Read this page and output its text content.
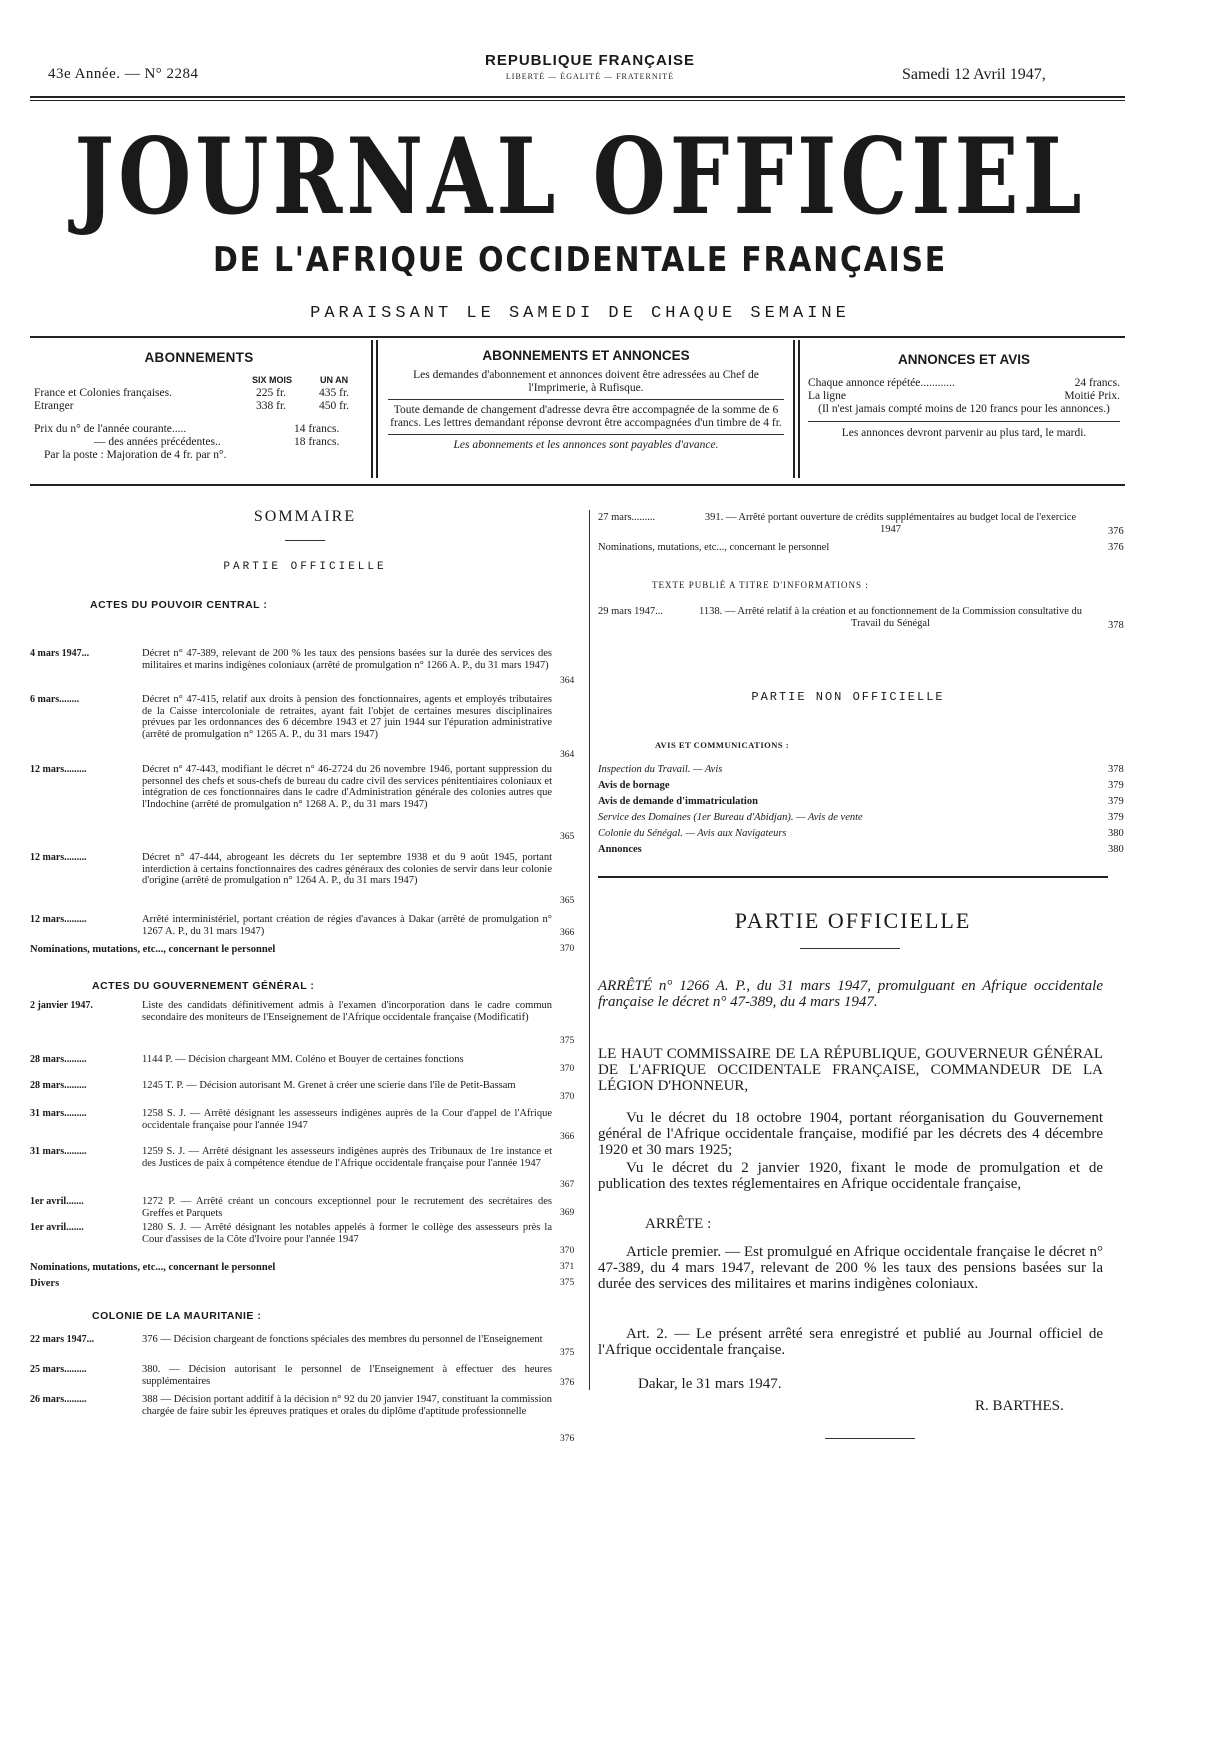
43e Année. — N° 2284
REPUBLIQUE FRANÇAISE
LIBERTÉ — ÉGALITÉ — FRATERNITÉ	Samedi 12 Avril 1947,
JOURNAL OFFICIEL
DE L'AFRIQUE OCCIDENTALE FRANÇAISE
PARAISSANT LE SAMEDI DE CHAQUE SEMAINE
ABONNEMENTS
SIX MOIS	UN AN
France et Colonies françaises.	225 fr.	435 fr.
Etranger	338 fr.	450 fr.
Prix du n° de l'année courante.....	14 francs.
— des années précédentes..	18 francs.
Par la poste : Majoration de 4 fr. par n°.
ABONNEMENTS ET ANNONCES
Les demandes d'abonnement et annonces doivent être adressées au Chef de l'Imprimerie, à Rufisque.
Toute demande de changement d'adresse devra être accompagnée de la somme de 6 francs. Les lettres demandant réponse devront être accompagnées d'un timbre de 4 fr.
Les abonnements et les annonces sont payables d'avance.
ANNONCES ET AVIS
Chaque annonce répétée............	24 francs.
La ligne	Moitié Prix.
(Il n'est jamais compté moins de 120 francs pour les annonces.)
Les annonces devront parvenir au plus tard, le mardi.
SOMMAIRE
PARTIE OFFICIELLE
ACTES DU POUVOIR CENTRAL :
4 mars 1947...	Décret n° 47-389, relevant de 200 % les taux des pensions basées sur la durée des services des militaires et marins indigènes coloniaux (arrêté de promulgation n° 1266 A. P., du 31 mars 1947)
364
6 mars........	Décret n° 47-415, relatif aux droits à pension des fonctionnaires, agents et employés tributaires de la Caisse intercoloniale de retraites, ayant fait l'objet de certaines mesures disciplinaires prévues par les ordonnances des 6 décembre 1943 et 27 juin 1944 sur l'épuration administrative (arrêté de promulgation n° 1265 A. P., du 31 mars 1947)
364
12 mars.........	Décret n° 47-443, modifiant le décret n° 46-2724 du 26 novembre 1946, portant suppression du personnel des chefs et sous-chefs de bureau du cadre civil des services pénitentiaires coloniaux et intégration de ces fonctionnaires dans le cadre d'Administration générale des colonies autres que l'Indochine (arrêté de promulgation n° 1268 A. P., du 31 mars 1947)
365
12 mars.........	Décret n° 47-444, abrogeant les décrets du 1er septembre 1938 et du 9 août 1945, portant interdiction à certains fonctionnaires des cadres généraux des colonies de servir dans leur colonie d'origine (arrêté de promulgation n° 1264 A. P., du 31 mars 1947)
365
12 mars.........	Arrêté interministériel, portant création de régies d'avances à Dakar (arrêté de promulgation n° 1267 A. P., du 31 mars 1947)	366
Nominations, mutations, etc..., concernant le personnel	370
ACTES DU GOUVERNEMENT GÉNÉRAL :
2 janvier 1947.	Liste des candidats définitivement admis à l'examen d'incorporation dans le cadre commun secondaire des moniteurs de l'Enseignement de l'Afrique occidentale française (Modificatif)
375
28 mars.........	1144 P. — Décision chargeant MM. Coléno et Bouyer de certaines fonctions
370
28 mars.........	1245 T. P. — Décision autorisant M. Grenet à créer une scierie dans l'île de Petit-Bassam
370
31 mars.........	1258 S. J. — Arrêté désignant les assesseurs indigènes auprès de la Cour d'appel de l'Afrique occidentale française pour l'année 1947
366
31 mars.........	1259 S. J. — Arrêté désignant les assesseurs indigènes auprès des Tribunaux de 1re instance et des Justices de paix à compétence étendue de l'Afrique occidentale française pour l'année 1947
367
1er avril.......	1272 P. — Arrêté créant un concours exceptionnel pour le recrutement des secrétaires des Greffes et Parquets	369
1er avril.......	1280 S. J. — Arrêté désignant les notables appelés à former le collège des assesseurs près la Cour d'assises de la Côte d'Ivoire pour l'année 1947
370
Nominations, mutations, etc..., concernant le personnel	371
Divers	375
COLONIE DE LA MAURITANIE :
22 mars 1947...	376 — Décision chargeant de fonctions spéciales des membres du personnel de l'Enseignement
375
25 mars.........	380. — Décision autorisant le personnel de l'Enseignement à effectuer des heures supplémentaires	376
26 mars.........	388 — Décision portant additif à la décision n° 92 du 20 janvier 1947, constituant la commission chargée de faire subir les épreuves pratiques et orales du diplôme d'aptitude professionnelle
376
27 mars.........	391. — Arrêté portant ouverture de crédits supplémentaires au budget local de l'exercice 1947	376
Nominations, mutations, etc..., concernant le personnel	376
TEXTE PUBLIÉ A TITRE D'INFORMATIONS :
29 mars 1947...	1138. — Arrêté relatif à la création et au fonctionnement de la Commission consultative du Travail du Sénégal	378
PARTIE NON OFFICIELLE
AVIS ET COMMUNICATIONS :
Inspection du Travail. — Avis	378
Avis de bornage	379
Avis de demande d'immatriculation	379
Service des Domaines (1er Bureau d'Abidjan). — Avis de vente	379
Colonie du Sénégal. — Avis aux Navigateurs	380
Annonces	380
PARTIE OFFICIELLE
ARRÊTÉ n° 1266 A. P., du 31 mars 1947, promulguant en Afrique occidentale française le décret n° 47-389, du 4 mars 1947.
LE HAUT COMMISSAIRE DE LA RÉPUBLIQUE, GOUVERNEUR GÉNÉRAL DE L'AFRIQUE OCCIDENTALE FRANÇAISE, COMMANDEUR DE LA LÉGION D'HONNEUR,
Vu le décret du 18 octobre 1904, portant réorganisation du Gouvernement général de l'Afrique occidentale française, modifié par les décrets des 4 décembre 1920 et 30 mars 1925;
Vu le décret du 2 janvier 1920, fixant le mode de promulgation et de publication des textes réglementaires en Afrique occidentale française,
ARRÊTE :
Article premier. — Est promulgué en Afrique occidentale française le décret n° 47-389, du 4 mars 1947, relevant de 200 % les taux des pensions basées sur la durée des services des militaires et marins indigènes coloniaux.
Art. 2. — Le présent arrêté sera enregistré et publié au Journal officiel de l'Afrique occidentale française.
Dakar, le 31 mars 1947.
R. BARTHES.
